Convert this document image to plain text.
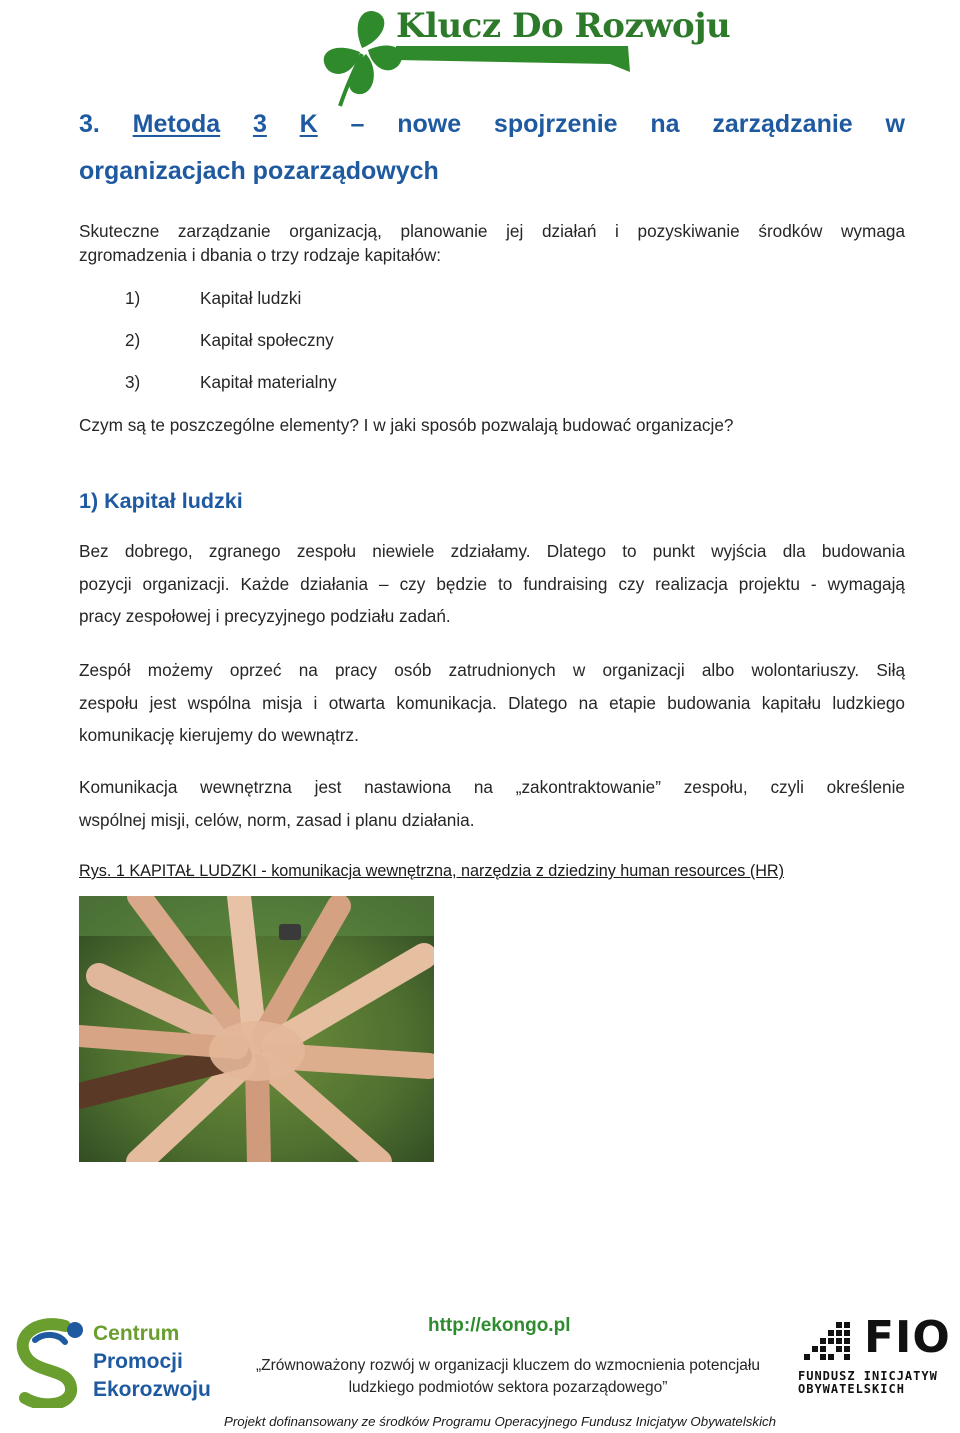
Klucz Do Rozwoju
3. Metoda 3 K – nowe spojrzenie na zarządzanie w
organizacjach pozarządowych
Skuteczne zarządzanie organizacją, planowanie jej działań i pozyskiwanie środków wymaga
zgromadzenia i dbania o trzy rodzaje kapitałów:
1)	Kapitał ludzki
2)	Kapitał społeczny
3)	Kapitał materialny
Czym są te poszczególne elementy? I w jaki sposób pozwalają budować organizacje?
1) Kapitał ludzki
Bez dobrego, zgranego zespołu niewiele zdziałamy. Dlatego to punkt wyjścia dla budowania
pozycji organizacji. Każde działania – czy będzie to fundraising czy realizacja projektu - wymagają
pracy zespołowej i precyzyjnego podziału zadań.
Zespół możemy oprzeć na pracy osób zatrudnionych w organizacji albo wolontariuszy. Siłą
zespołu jest wspólna misja i otwarta komunikacja. Dlatego na etapie budowania kapitału ludzkiego
komunikację kierujemy do wewnątrz.
Komunikacja wewnętrzna jest nastawiona na „zakontraktowanie” zespołu, czyli określenie
wspólnej misji, celów, norm, zasad i planu działania.
Rys. 1 KAPITAŁ LUDZKI - komunikacja wewnętrzna, narzędzia z dziedziny human resources (HR)
Centrum
Promocji
Ekorozwoju
http://ekongo.pl
„Zrównoważony rozwój w organizacji kluczem do wzmocnienia potencjału
ludzkiego podmiotów sektora pozarządowego”
FIO
FUNDUSZ INICJATYW
OBYWATELSKICH
Projekt dofinansowany ze środków Programu Operacyjnego Fundusz Inicjatyw Obywatelskich
